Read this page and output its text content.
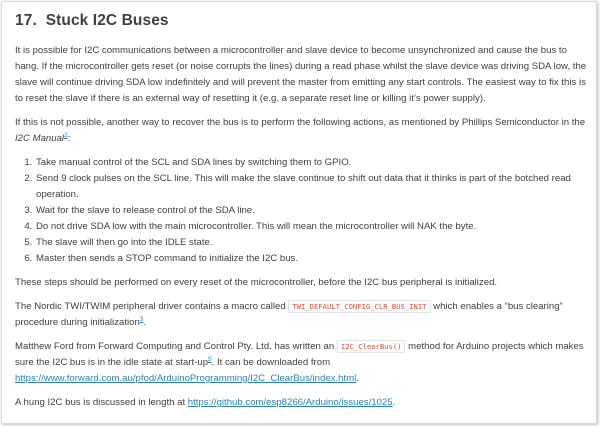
17. Stuck I2C Buses

It is possible for I2C communications between a microcontroller and slave device to become unsynchronized and cause the bus to hang. If the microcontroller gets reset (or noise corrupts the lines) during a read phase whilst the slave device was driving SDA low, the slave will continue driving SDA low indefinitely and will prevent the master from emitting any start controls. The easiest way to fix this is to reset the slave if there is an external way of resetting it (e.g. a separate reset line or killing it’s power supply).

If this is not possible, another way to recover the bus is to perform the following actions, as mentioned by Phillips Semiconductor in the I2C Manual$^2$:

1. Take manual control of the SCL and SDA lines by switching them to GPIO.
2. Send 9 clock pulses on the SCL line. This will make the slave continue to shift out data that it thinks is part of the botched read operation.
3. Wait for the slave to release control of the SDA line.
4. Do not drive SDA low with the main microcontroller. This will mean the microcontroller will NAK the byte.
5. The slave will then go into the IDLE state.
6. Master then sends a STOP command to initialize the I2C bus.

These steps should be performed on every reset of the microcontroller, before the I2C bus peripheral is initialized.

The Nordic TWI/TWIM peripheral driver contains a macro called TWI_DEFAULT_CONFIG_CLR_BUS_INIT which enables a “bus clearing” procedure during initialization$^3$.

Matthew Ford from Forward Computing and Control Pty. Ltd. has written an I2C_ClearBus() method for Arduino projects which makes sure the I2C bus is in the idle state at start-up$^5$. It can be downloaded from https://www.forward.com.au/pfod/ArduinoProgramming/I2C_ClearBus/index.html.

A hung I2C bus is discussed in length at https://github.com/esp8266/Arduino/issues/1025.
